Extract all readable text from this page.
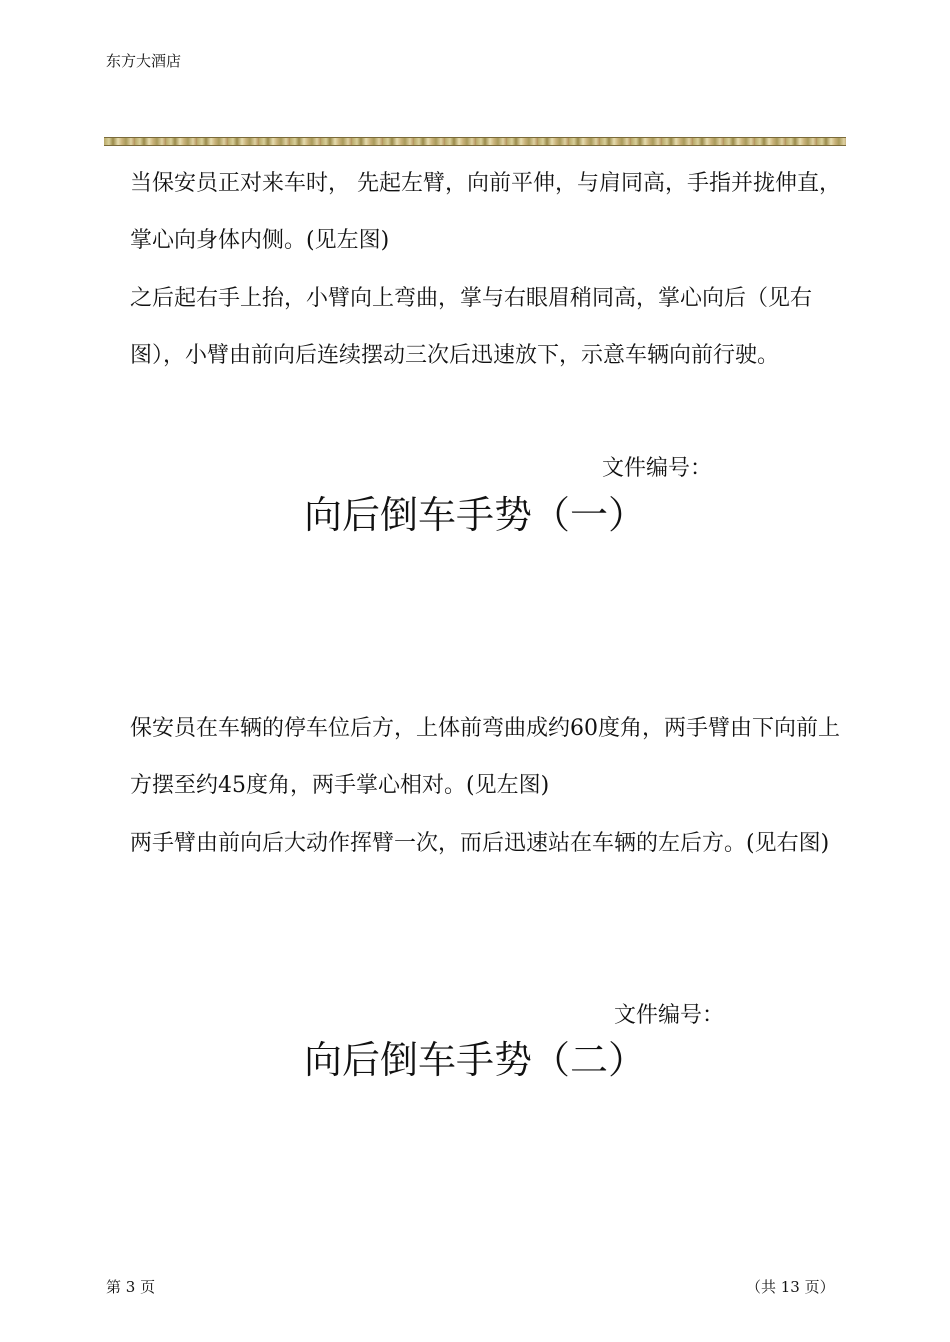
东方大酒店

当保安员正对来车时， 先起左臂，向前平伸，与肩同高，手指并拢伸直，掌心向身体内侧。(见左图)

之后起右手上抬，小臂向上弯曲，掌与右眼眉稍同高，掌心向后（见右图），小臂由前向后连续摆动三次后迅速放下，示意车辆向前行驶。

文件编号：
向后倒车手势（一）

保安员在车辆的停车位后方，上体前弯曲成约60度角，两手臂由下向前上方摆至约45度角，两手掌心相对。(见左图)

两手臂由前向后大动作挥臂一次，而后迅速站在车辆的左后方。(见右图)

文件编号：
向后倒车手势（二）
第 3 页	（共 13 页）
